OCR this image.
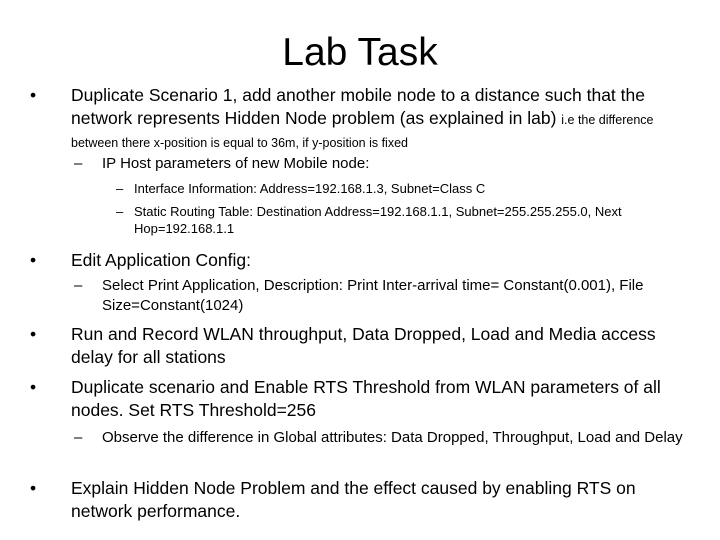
Lab Task
•	Duplicate Scenario 1, add another mobile node to a distance such that the network represents Hidden Node problem (as explained in lab) i.e the difference between there x-position is equal to 36m, if y-position is fixed
– IP Host parameters of new Mobile node:
– Interface Information: Address=192.168.1.3, Subnet=Class C
– Static Routing Table: Destination Address=192.168.1.1, Subnet=255.255.255.0, Next Hop=192.168.1.1
•	Edit Application Config:
– Select Print Application, Description: Print Inter-arrival time= Constant(0.001), File Size=Constant(1024)
•	Run and Record WLAN throughput, Data Dropped, Load and Media access delay for all stations
•	Duplicate scenario and Enable RTS Threshold from WLAN parameters of all nodes. Set RTS Threshold=256
– Observe the difference in Global attributes: Data Dropped, Throughput, Load and Delay
•	Explain Hidden Node Problem and the effect caused by enabling RTS on network performance.
